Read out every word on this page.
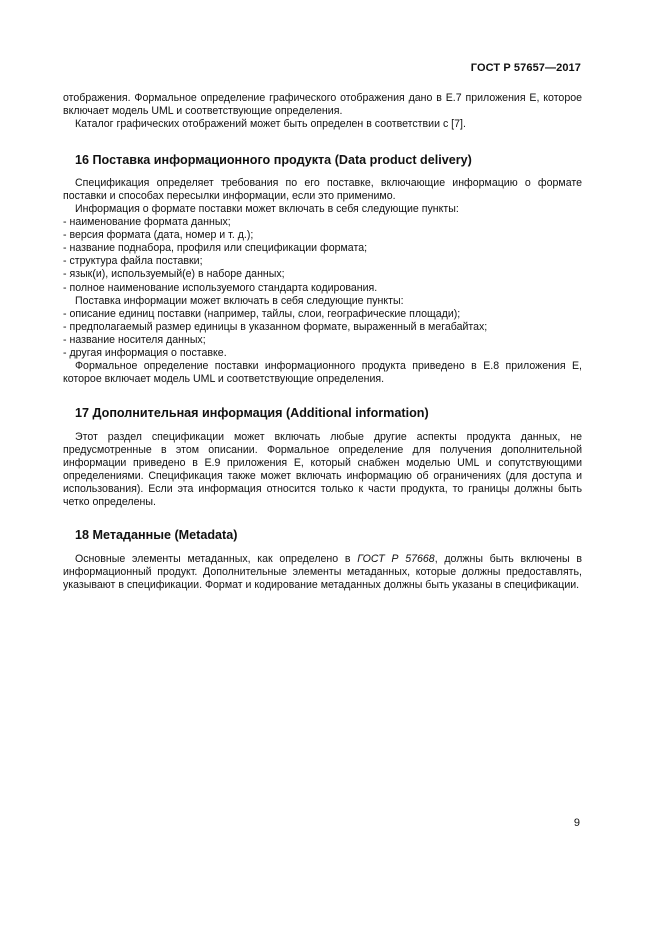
ГОСТ Р 57657—2017

отображения. Формальное определение графического отображения дано в Е.7 приложения Е, которое включает модель UML и соответствующие определения.

Каталог графических отображений может быть определен в соответствии с [7].

16 Поставка информационного продукта (Data product delivery)

Спецификация определяет требования по его поставке, включающие информацию о формате поставки и способах пересылки информации, если это применимо.

Информация о формате поставки может включать в себя следующие пункты:

- наименование формата данных;

- версия формата (дата, номер и т. д.);

- название поднабора, профиля или спецификации формата;

- структура файла поставки;

- язык(и), используемый(е) в наборе данных;

- полное наименование используемого стандарта кодирования.

Поставка информации может включать в себя следующие пункты:

- описание единиц поставки (например, тайлы, слои, географические площади);

- предполагаемый размер единицы в указанном формате, выраженный в мегабайтах;

- название носителя данных;

- другая информация о поставке.

Формальное определение поставки информационного продукта приведено в Е.8 приложения Е, которое включает модель UML и соответствующие определения.

17 Дополнительная информация (Additional information)

Этот раздел спецификации может включать любые другие аспекты продукта данных, не предусмотренные в этом описании. Формальное определение для получения дополнительной информации приведено в Е.9 приложения Е, который снабжен моделью UML и сопутствующими определениями. Спецификация также может включать информацию об ограничениях (для доступа и использования). Если эта информация относится только к части продукта, то границы должны быть четко определены.

18 Метаданные (Metadata)

Основные элементы метаданных, как определено в ГОСТ Р 57668, должны быть включены в информационный продукт. Дополнительные элементы метаданных, которые должны предоставлять, указывают в спецификации. Формат и кодирование метаданных должны быть указаны в спецификации.

9
